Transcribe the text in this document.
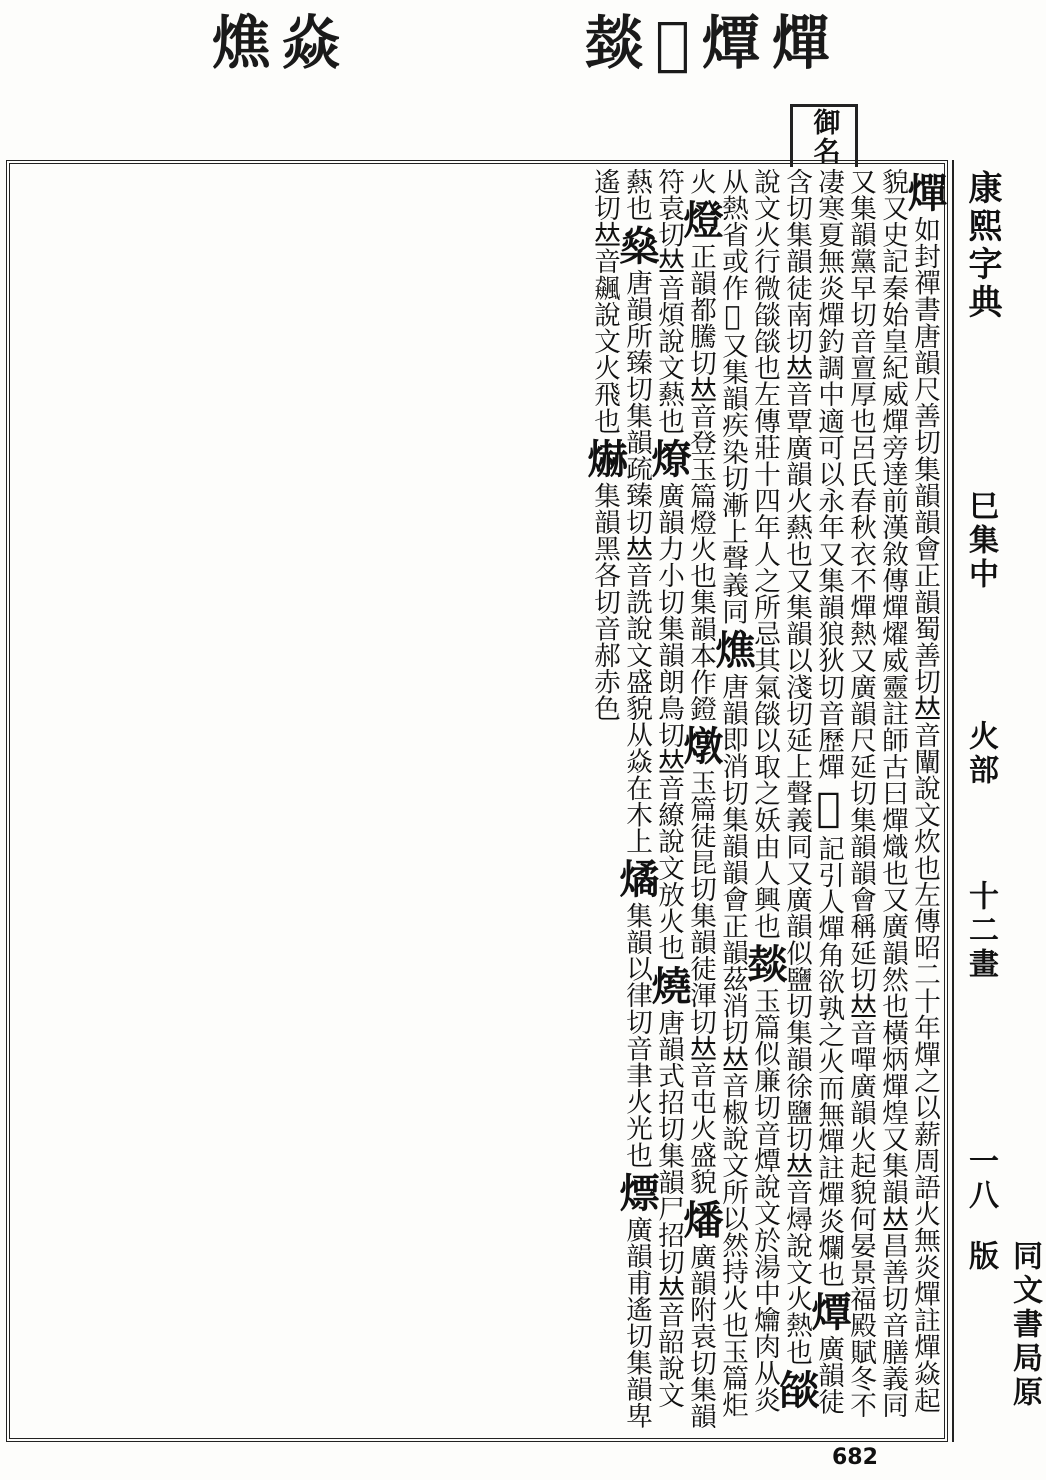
燋 焱	燅 𤍿 燂 燀
御名
燀如封禪書唐韻尺善切集韻韻會正韻蜀善切𠀤音闡說文炊也左傳昭二十年燀之以薪周語火無炎燀註燀焱起貌又史記秦始皇紀威燀旁達前漢敘傳燀燿威靈註師古曰燀熾也又廣韻然也橫炳燀煌又集韻𠀤昌善切音膳義同又集韻黨早切音亶厚也呂氏春秋衣不燀熱又廣韻尺延切集韻韻會稱延切𠀤音嘽廣韻火起貌何晏景福殿賦冬不凄寒夏無炎燀釣調中適可以永年又集韻狼狄切音歷燀𤍿記引人燀角欲孰之火而無燀註燀炎爛也燂廣韻徒含切集韻徒南切𠀤音覃廣韻火爇也又集韻以淺切延上聲義同又廣韻似鹽切集韻徐鹽切𠀤音燖說文火熱也燄說文火行微燄燄也左傳莊十四年人之所忌其氣燄以取之妖由人興也燅玉篇似廉切音燂說文於湯中爚肉从炎从熱省或作𤍿又集韻疾染切漸上聲義同燋唐韻即消切集韻韻會正韻茲消切𠀤音椒說文所以然持火也玉篇炬火燈正韻都騰切𠀤音登玉篇燈火也集韻本作鐙燉玉篇徒昆切集韻徒渾切𠀤音屯火盛貌燔廣韻附袁切集韻符袁切𠀤音煩說文爇也燎廣韻力小切集韻朗鳥切𠀤音繚說文放火也燒唐韻式招切集韻尸招切𠀤音韶說文爇也燊唐韻所臻切集韻疏臻切𠀤音詵說文盛貌从焱在木上燏集韻以律切音聿火光也熛廣韻甫遙切集韻卑遙切𠀤音飆說文火飛也爀集韻黑各切音郝赤色
康熙字典
巳集中
火部
十二畫
一八
同文書局原版
682
